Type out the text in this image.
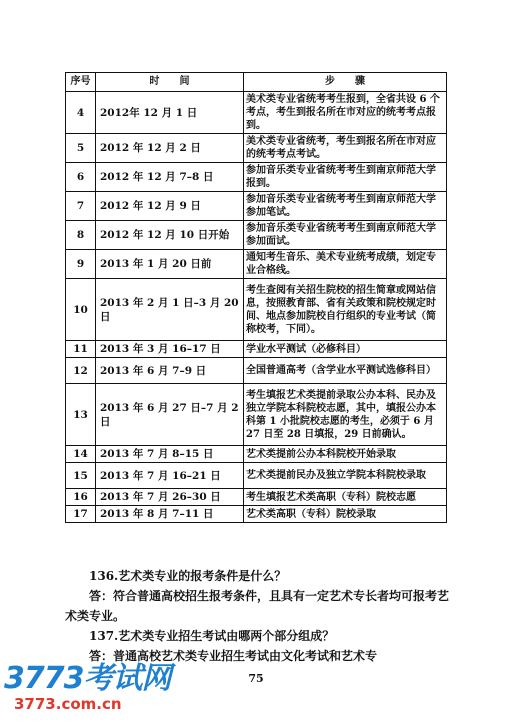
序号	时　　间	步　　骤
4	2012年 12 月 1 日	美术类专业省统考考生报到，全省共设 6 个考点，考生到报名所在市对应的统考考点报到。
5	2012 年 12 月 2 日	美术类专业省统考，考生到报名所在市对应的统考考点考试。
6	2012 年 12 月 7–8 日	参加音乐类专业省统考考生到南京师范大学报到。
7	2012 年 12 月 9 日	参加音乐类专业省统考考生到南京师范大学参加笔试。
8	2012 年 12 月 10 日开始	参加音乐类专业省统考考生到南京师范大学参加面试。
9	2013 年 1 月 20 日前	通知考生音乐、美术专业统考成绩，划定专业合格线。
10	2013 年 2 月 1 日–3 月 20 日	考生查阅有关招生院校的招生简章或网站信息，按照教育部、省有关政策和院校规定时间、地点参加院校自行组织的专业考试（简称校考，下同）。
11	2013 年 3 月 16–17 日	学业水平测试（必修科目）
12	2013 年 6 月 7–9 日	全国普通高考（含学业水平测试选修科目）
13	2013 年 6 月 27 日–7 月 2 日	考生填报艺术类提前录取公办本科、民办及独立学院本科院校志愿，其中，填报公办本科第 1 小批院校志愿的考生，必须于 6 月 27 日至 28 日填报，29 日前确认。
14	2013 年 7 月 8–15 日	艺术类提前公办本科院校开始录取
15	2013 年 7 月 16–21 日	艺术类提前民办及独立学院本科院校录取
16	2013 年 7 月 26–30 日	考生填报艺术类高职（专科）院校志愿
17	2013 年 8 月 7–11 日	艺术类高职（专科）院校录取
136.艺术类专业的报考条件是什么？
答：符合普通高校招生报考条件，且具有一定艺术专长者均可报考艺术类专业。
137.艺术类专业招生考试由哪两个部分组成？
答：普通高校艺术类专业招生考试由文化考试和艺术专
75
3773考试网
3773.com.cn
